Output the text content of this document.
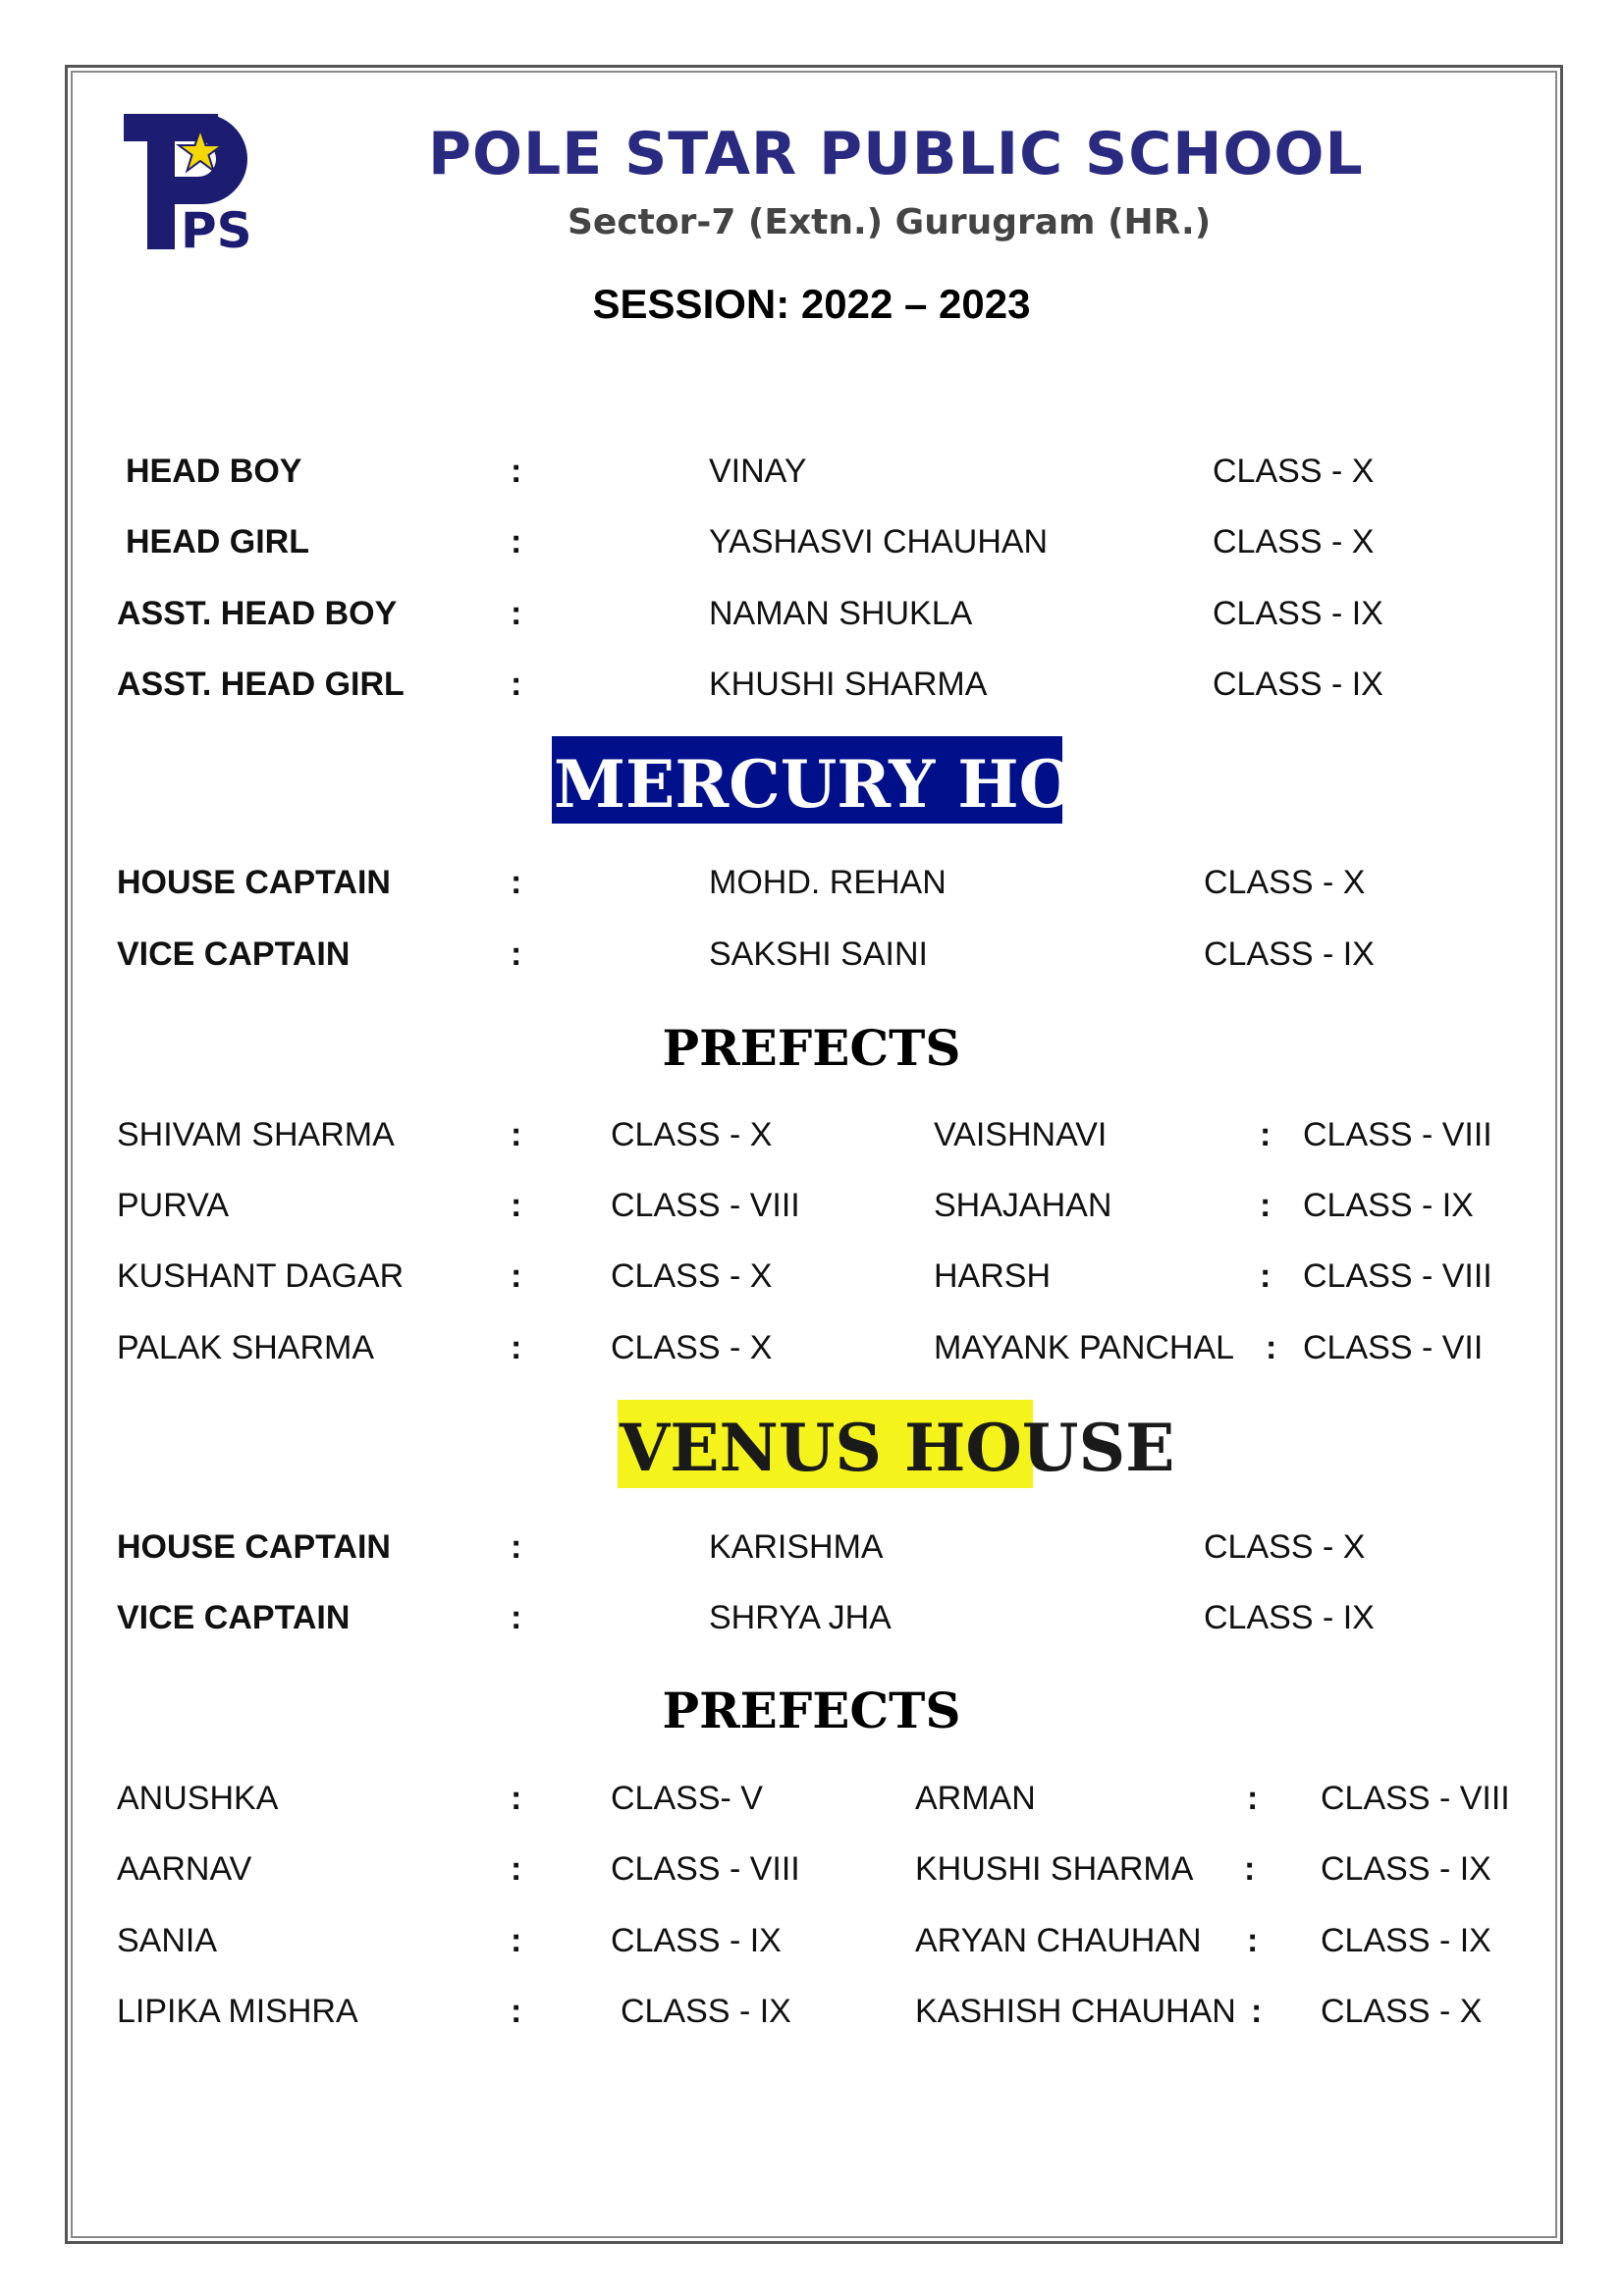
PS
POLE STAR PUBLIC SCHOOL
Sector-7 (Extn.) Gurugram (HR.)
SESSION: 2022 – 2023
HEAD BOY	:	VINAY	CLASS - X
HEAD GIRL	:	YASHASVI CHAUHAN	CLASS - X
ASST. HEAD BOY	:	NAMAN SHUKLA	CLASS - IX
ASST. HEAD GIRL	:	KHUSHI SHARMA	CLASS - IX
MERCURY HOUSE
HOUSE CAPTAIN	:	MOHD. REHAN	CLASS - X
VICE CAPTAIN	:	SAKSHI SAINI	CLASS - IX
PREFECTS
SHIVAM SHARMA	:	CLASS - X	VAISHNAVI	: CLASS - VIII
PURVA	:	CLASS - VIII	SHAJAHAN	: CLASS - IX
KUSHANT DAGAR	:	CLASS - X	HARSH	: CLASS - VIII
PALAK SHARMA	:	CLASS - X	MAYANK PANCHAL : CLASS - VII
VENUS HOUSE
HOUSE CAPTAIN	:	KARISHMA	CLASS - X
VICE CAPTAIN	:	SHRYA JHA	CLASS - IX
PREFECTS
ANUSHKA	:	CLASS- V	ARMAN	: CLASS - VIII
AARNAV	:	CLASS - VIII	KHUSHI SHARMA : CLASS - IX
SANIA	:	CLASS - IX	ARYAN CHAUHAN : CLASS - IX
LIPIKA MISHRA	:	CLASS - IX	KASHISH CHAUHAN : CLASS - X
